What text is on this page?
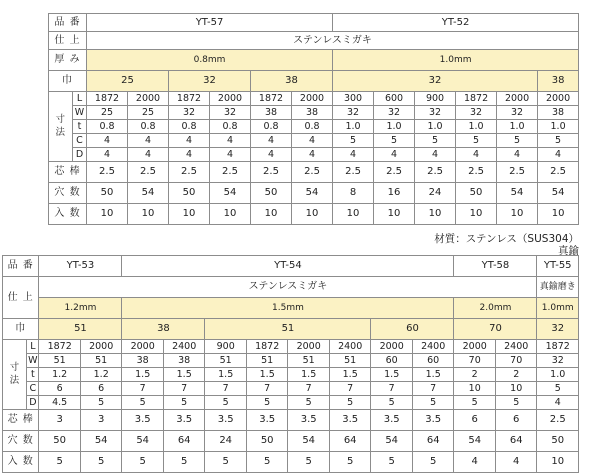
品 番		YT-57						YT-52					
仕 上		ステンレスミガキ											
厚 み		0.8mm						1.0mm					
巾		25		32		38		32					38
寸 法	L	1872	2000	1872	2000	1872	2000	300	600	900	1872	2000	2000
	W	25	25	32	32	38	38	32	32	32	32	32	38
	t	0.8	0.8	0.8	0.8	0.8	0.8	1.0	1.0	1.0	1.0	1.0	1.0
	C	4	4	4	4	4	4	5	5	5	5	5	5
	D	4	4	4	4	4	4	4	4	4	4	4	4
芯 棒		2.5	2.5	2.5	2.5	2.5	2.5	2.5	2.5	2.5	2.5	2.5	2.5
穴 数		50	54	50	54	50	54	8	16	24	50	54	54
入 数		10	10	10	10	10	10	10	10	10	10	10	10
材質：ステンレス（SUS304）
真鍮
品 番		YT-53		YT-54								YT-58		YT-55
仕 上		ステンレスミガキ												真鍮磨き
		1.2mm		1.5mm								2.0mm		1.0mm
巾		51		38		51				60		70		32
寸 法	L	1872	2000	2000	2400	900	1872	2000	2400	2000	2400	2000	2400	1872
	W	51	51	38	38	51	51	51	51	60	60	70	70	32
	t	1.2	1.2	1.5	1.5	1.5	1.5	1.5	1.5	1.5	1.5	2	2	1.0
	C	6	6	7	7	7	7	7	7	7	7	10	10	5
	D	4.5	5	5	5	5	5	5	5	5	5	5	5	4
芯 棒		3	3	3.5	3.5	3.5	3.5	3.5	3.5	3.5	3.5	6	6	2.5
穴 数		50	54	54	64	24	50	54	64	54	64	54	64	50
入 数		5	5	5	5	5	5	5	5	5	5	4	4	10
